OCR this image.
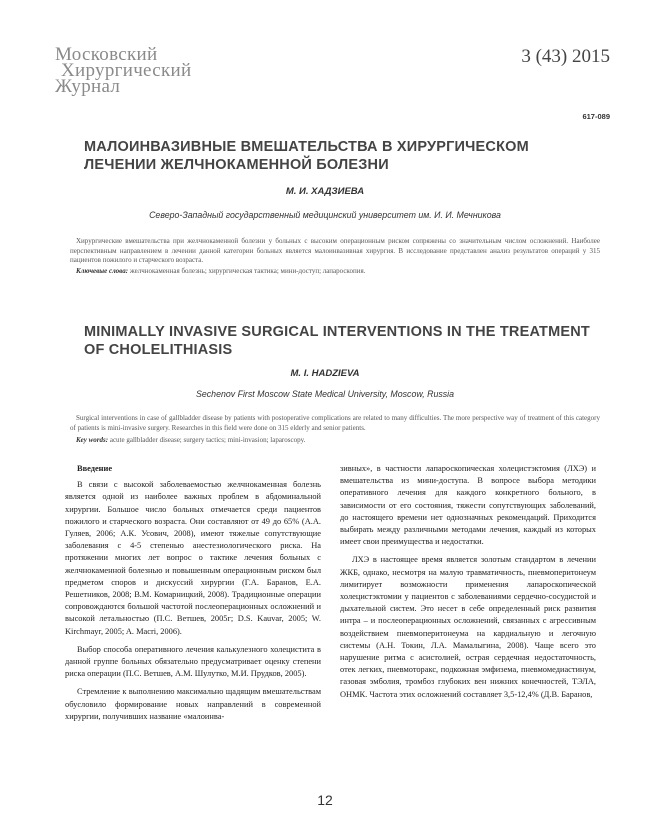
Московский
Хирургический
Журнал
3 (43) 2015
617-089
МАЛОИНВАЗИВНЫЕ ВМЕШАТЕЛЬСТВА В ХИРУРГИЧЕСКОМ
ЛЕЧЕНИИ ЖЕЛЧНОКАМЕННОЙ БОЛЕЗНИ
М. И. ХАДЗИЕВА
Северо-Западный государственный медицинский университет им. И. И. Мечникова
Хирургические вмешательства при желчнокаменной болезни у больных с высоким операционным риском сопряжены со значительным числом осложнений. Наиболее перспективным направлением в лечении данной категории больных является малоинвазивная хирургия. В исследование представлен анализ результатов операций у 315 пациентов пожилого и старческого возраста.
Ключевые слова: желчнокаменная болезнь; хирургическая тактика; мини-доступ; лапароскопия.
MINIMALLY INVASIVE SURGICAL INTERVENTIONS IN THE TREATMENT
OF CHOLELITHIASIS
M. I. HADZIEVA
Sechenov First Moscow State Medical University, Moscow, Russia
Surgical interventions in case of gallbladder disease by patients with postoperative complications are related to many difficulties. The more perspective way of treatment of this category of patients is mini-invasive surgery. Researches in this field were done on 315 elderly and senior patients.
Key words: acute gallbladder disease; surgery tactics; mini-invasion; laparoscopy.
Введение

В связи с высокой заболеваемостью желчнокаменная болезнь является одной из наиболее важных проблем в абдоминальной хирургии. Большое число больных отмечается среди пациентов пожилого и старческого возраста. Они составляют от 49 до 65% (А.А. Гуляев, 2006; А.К. Усович, 2008), имеют тяжелые сопутствующие заболевания с 4-5 степенью анестезиологического риска. На протяжении многих лет вопрос о тактике лечения больных с желчнокаменной болезнью и повышенным операционным риском был предметом споров и дискуссий хирургии (Г.А. Баранов, Е.А. Решетников, 2008; В.М. Комарницкий, 2008). Традиционные операции сопровождаются большой частотой послеоперационных осложнений и высокой летальностью (П.С. Ветшев, 2005г; D.S. Kauvar, 2005; W. Kirchmayr, 2005; A. Macri, 2006).

Выбор способа оперативного лечения калькулезного холецистита в данной группе больных обязательно предусматривает оценку степени риска операции (П.С. Ветшев, А.М. Шулутко, М.И. Прудков, 2005).

Стремление к выполнению максимально щадящим вмешательствам обусловило формирование новых направлений в современной хирургии, получивших название «малоинва-

зивных», в частности лапароскопическая холецистэктомия (ЛХЭ) и вмешательства из мини-доступа. В вопросе выбора методики оперативного лечения для каждого конкретного больного, в зависимости от его состояния, тяжести сопутствующих заболеваний, до настоящего времени нет однозначных рекомендаций. Приходится выбирать между различными методами лечения, каждый из которых имеет свои преимущества и недостатки.

ЛХЭ в настоящее время является золотым стандартом в лечении ЖКБ, однако, несмотря на малую травматичность, пневмоперитонеум лимитирует возможности применения лапароскопической холецистэктомии у пациентов с заболеваниями сердечно-сосудистой и дыхательной систем. Это несет в себе определенный риск развития интра – и послеоперационных осложнений, связанных с агрессивным воздействием пневмоперитонеума на кардиальную и легочную системы (А.Н. Токин, Л.А. Мамалыгина, 2008). Чаще всего это нарушение ритма с асистолией, острая сердечная недостаточность, отек легких, пневмоторакс, подкожная эмфизема, пневмомедиастинум, газовая эмболия, тромбоз глубоких вен нижних конечностей, ТЭЛА, ОНМК. Частота этих осложнений составляет 3,5-12,4% (Д.В. Баранов,

12
